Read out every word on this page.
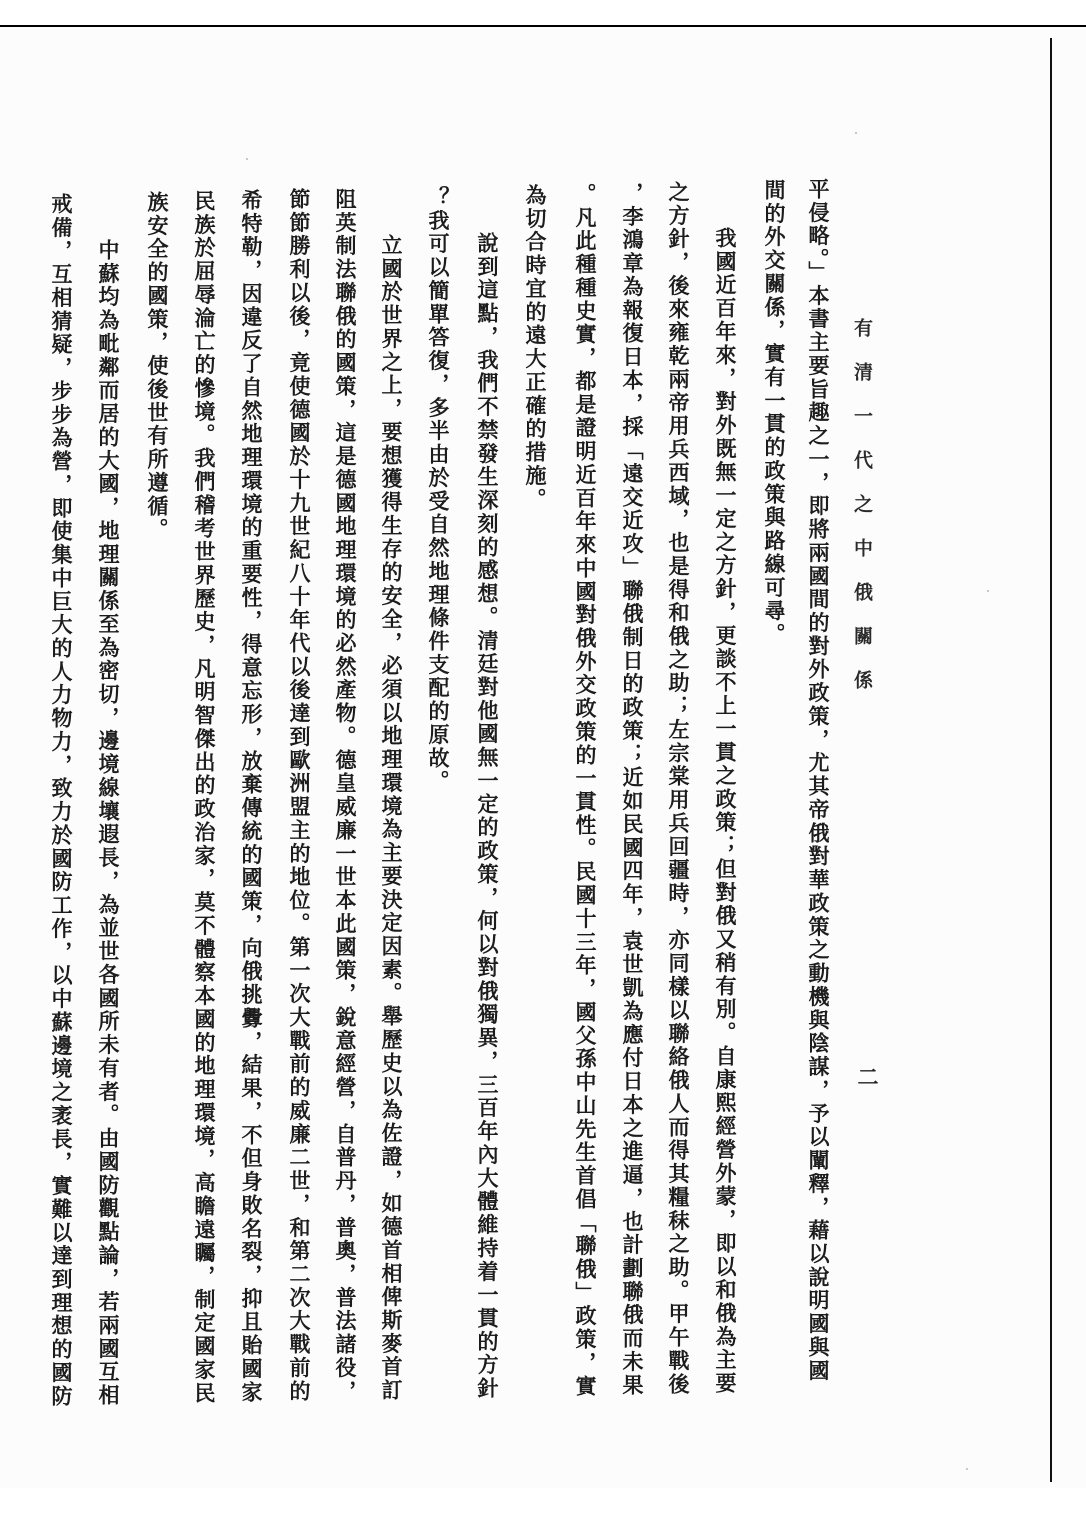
有清一代之中俄關係
二
平侵略。」本書主要旨趣之一，即將兩國間的對外政策，尤其帝俄對華政策之動機與陰謀，予以闡釋，藉以說明國與國
間的外交關係，實有一貫的政策與路線可尋。
我國近百年來，對外既無一定之方針，更談不上一貫之政策；但對俄又稍有別。自康熙經營外蒙，即以和俄為主要
之方針，後來雍乾兩帝用兵西域，也是得和俄之助；左宗棠用兵回疆時，亦同樣以聯絡俄人而得其糧秣之助。甲午戰後
，李鴻章為報復日本，採「遠交近攻」聯俄制日的政策；近如民國四年，袁世凱為應付日本之進逼，也計劃聯俄而未果
。凡此種種史實，都是證明近百年來中國對俄外交政策的一貫性。民國十三年，國父孫中山先生首倡「聯俄」政策，實
為切合時宜的遠大正確的措施。
說到這點，我們不禁發生深刻的感想。清廷對他國無一定的政策，何以對俄獨異，三百年內大體維持着一貫的方針
？我可以簡單答復，多半由於受自然地理條件支配的原故。
立國於世界之上，要想獲得生存的安全，必須以地理環境為主要決定因素。舉歷史以為佐證，如德首相俾斯麥首訂
阻英制法聯俄的國策，這是德國地理環境的必然產物。德皇威廉一世本此國策，銳意經營，自普丹，普奧，普法諸役，
節節勝利以後，竟使德國於十九世紀八十年代以後達到歐洲盟主的地位。第一次大戰前的威廉二世，和第二次大戰前的
希特勒，因違反了自然地理環境的重要性，得意忘形，放棄傳統的國策，向俄挑釁，結果，不但身敗名裂，抑且貽國家
民族於屈辱淪亡的慘境。我們稽考世界歷史，凡明智傑出的政治家，莫不體察本國的地理環境，高瞻遠矚，制定國家民
族安全的國策，使後世有所遵循。
中蘇均為毗鄰而居的大國，地理關係至為密切，邊境線壤遐長，為並世各國所未有者。由國防觀點論，若兩國互相
戒備，互相猜疑，步步為營，即使集中巨大的人力物力，致力於國防工作，以中蘇邊境之袤長，實難以達到理想的國防
